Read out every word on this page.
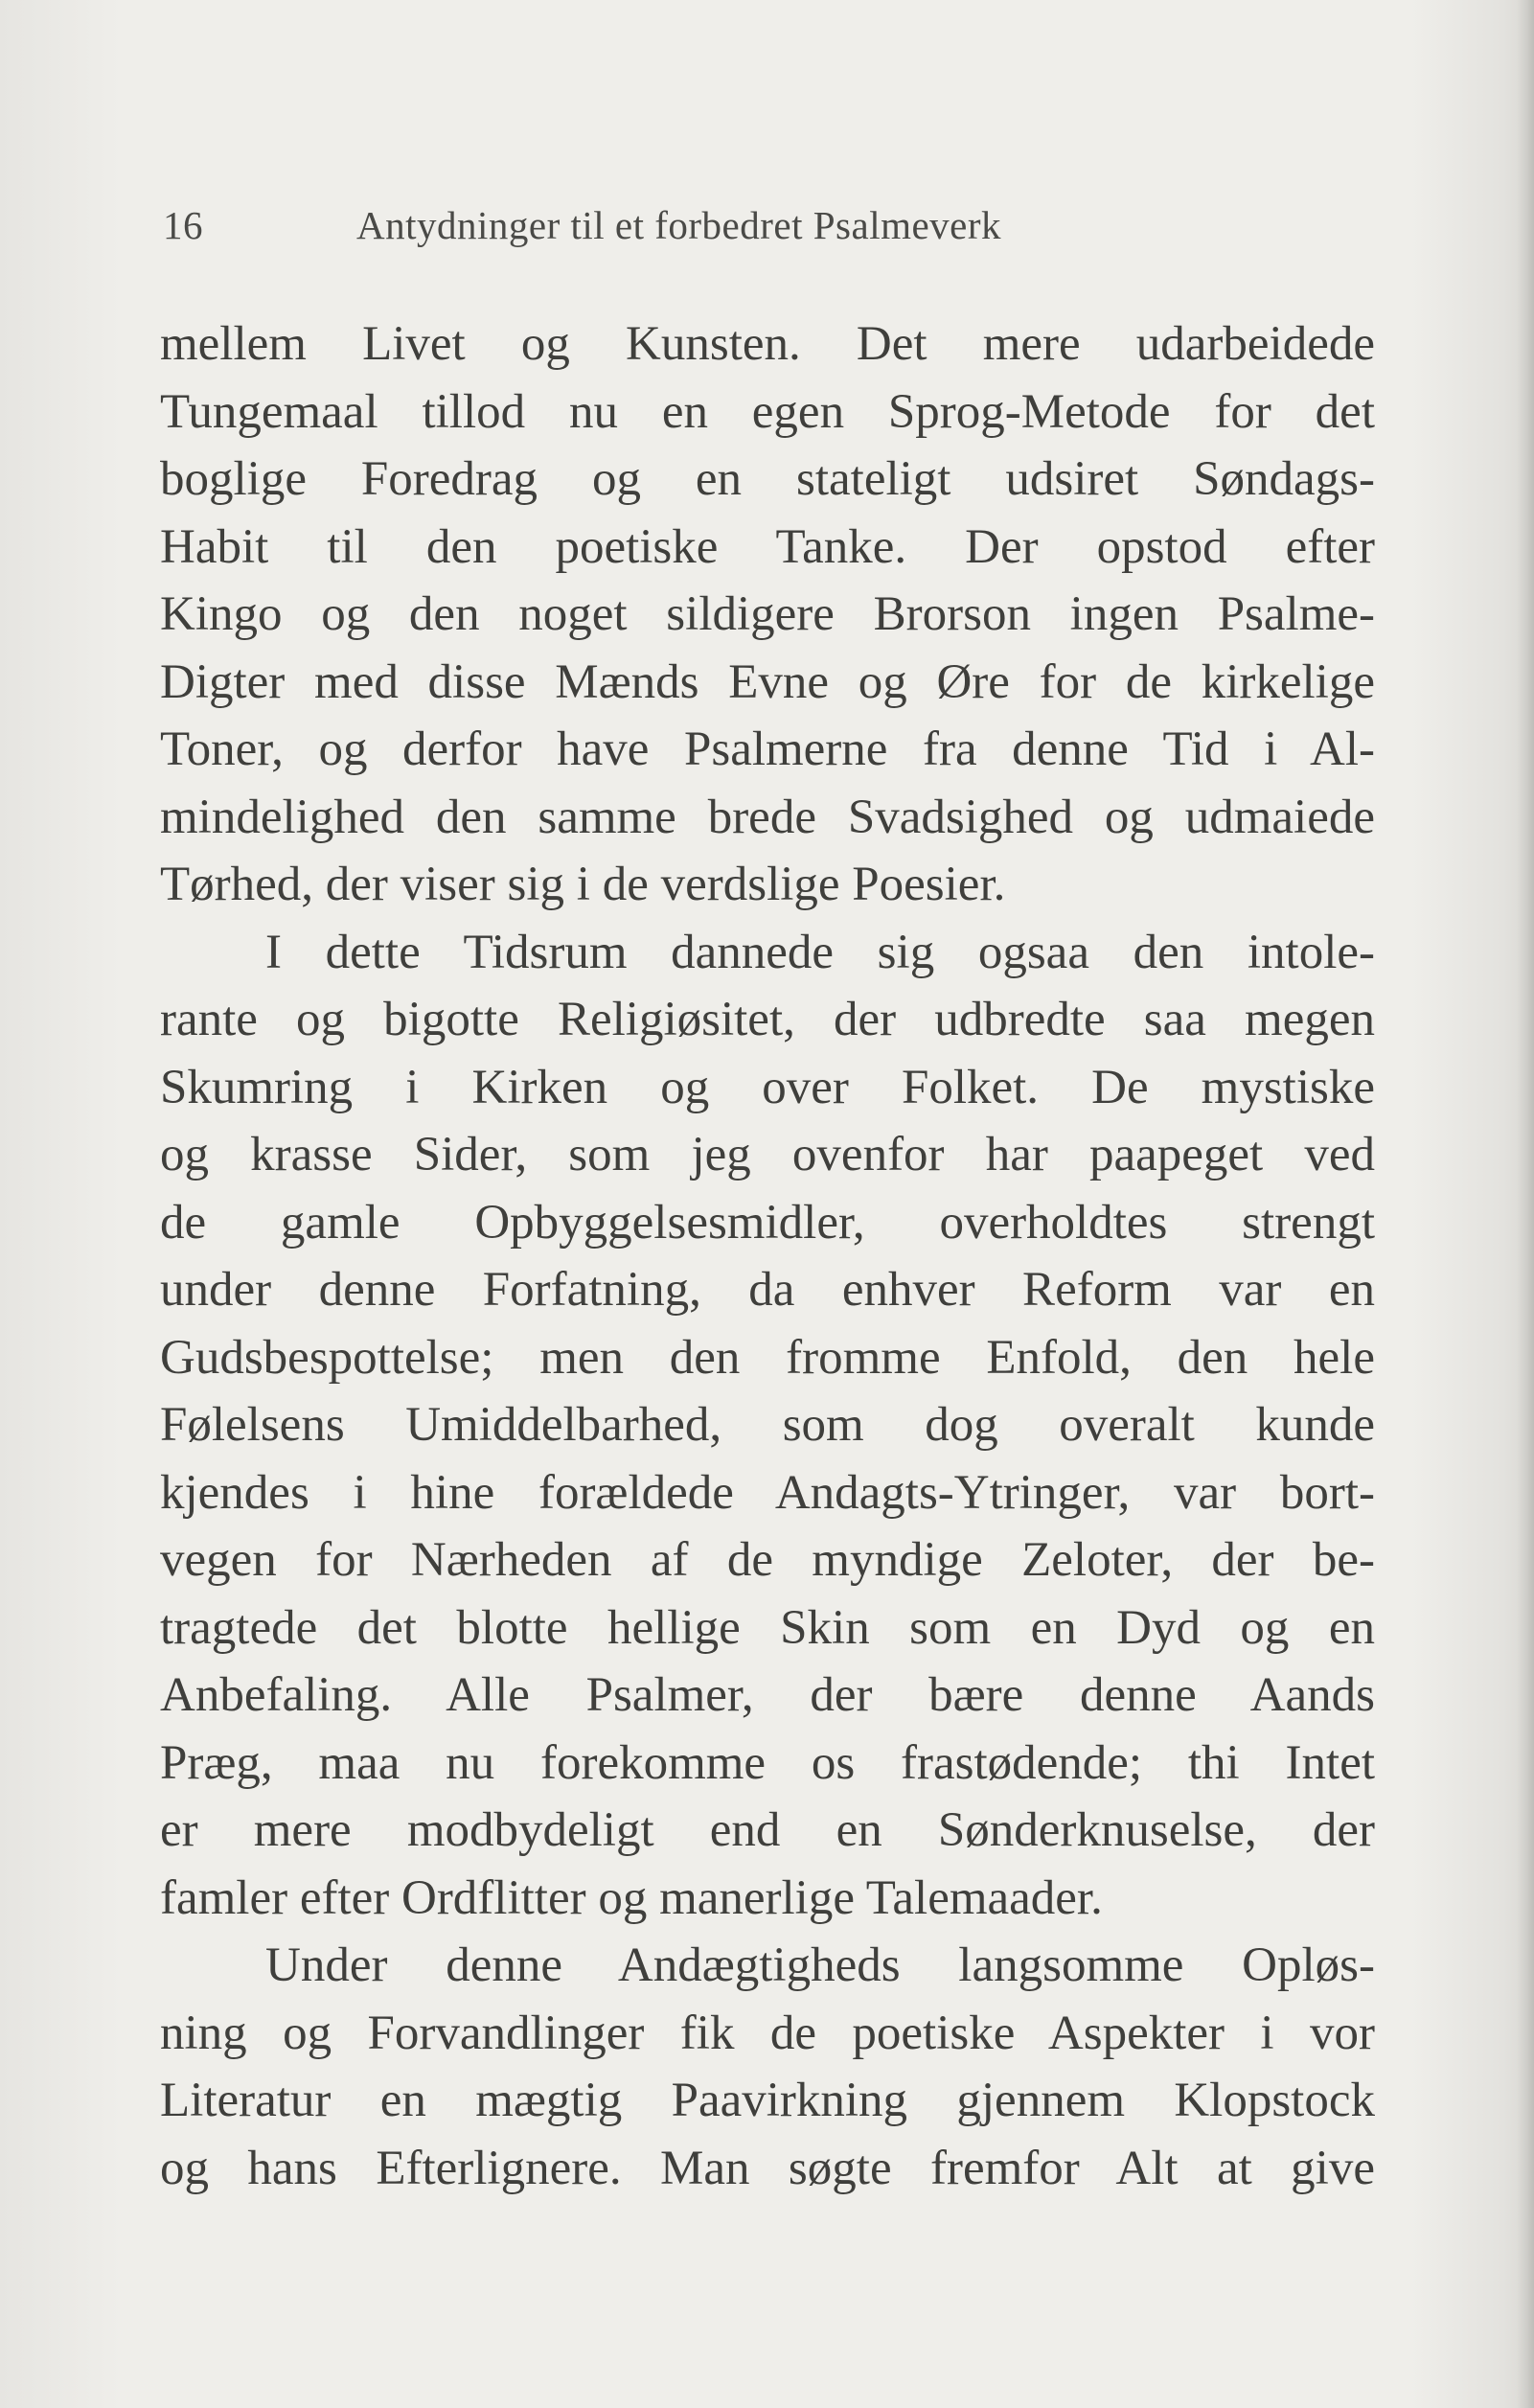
16	Antydninger til et forbedret Psalmeverk
mellem Livet og Kunsten. Det mere udarbeidede
Tungemaal tillod nu en egen Sprog-Metode for det
boglige Foredrag og en stateligt udsiret Søndags-
Habit til den poetiske Tanke. Der opstod efter
Kingo og den noget sildigere Brorson ingen Psalme-
Digter med disse Mænds Evne og Øre for de kirkelige
Toner, og derfor have Psalmerne fra denne Tid i Al-
mindelighed den samme brede Svadsighed og udmaiede
Tørhed, der viser sig i de verdslige Poesier.
I dette Tidsrum dannede sig ogsaa den intole-
rante og bigotte Religiøsitet, der udbredte saa megen
Skumring i Kirken og over Folket. De mystiske
og krasse Sider, som jeg ovenfor har paapeget ved
de gamle Opbyggelsesmidler, overholdtes strengt
under denne Forfatning, da enhver Reform var en
Gudsbespottelse; men den fromme Enfold, den hele
Følelsens Umiddelbarhed, som dog overalt kunde
kjendes i hine forældede Andagts-Ytringer, var bort-
vegen for Nærheden af de myndige Zeloter, der be-
tragtede det blotte hellige Skin som en Dyd og en
Anbefaling. Alle Psalmer, der bære denne Aands
Præg, maa nu forekomme os frastødende; thi Intet
er mere modbydeligt end en Sønderknuselse, der
famler efter Ordflitter og manerlige Talemaader.
Under denne Andægtigheds langsomme Opløs-
ning og Forvandlinger fik de poetiske Aspekter i vor
Literatur en mægtig Paavirkning gjennem Klopstock
og hans Efterlignere. Man søgte fremfor Alt at give
